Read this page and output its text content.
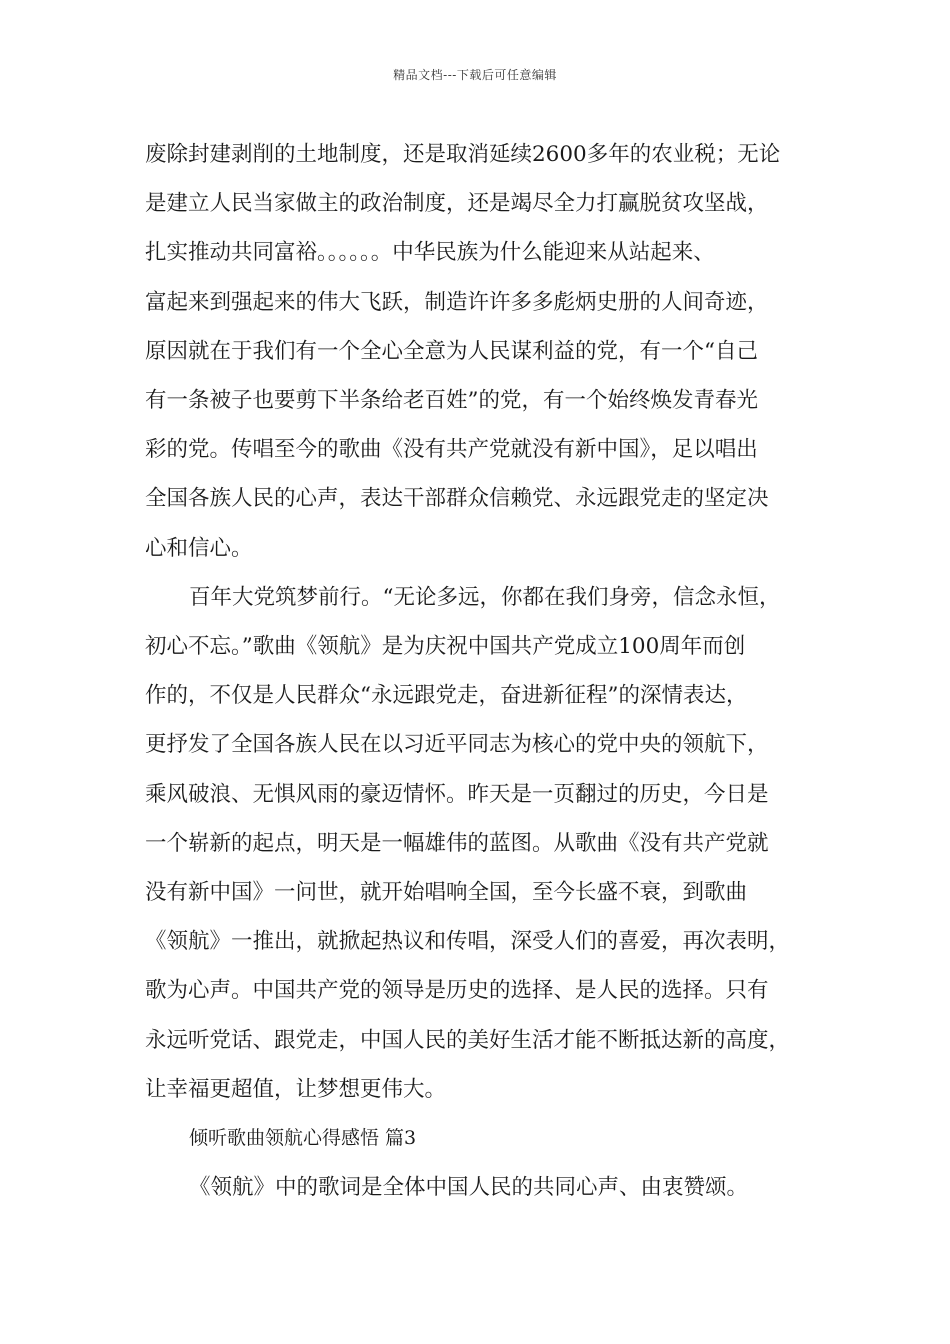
精品文档---下载后可任意编辑

废除封建剥削的土地制度，还是取消延续2600多年的农业税；无论
是建立人民当家做主的政治制度，还是竭尽全力打赢脱贫攻坚战，
扎实推动共同富裕。。。。。。中华民族为什么能迎来从站起来、
富起来到强起来的伟大飞跃，制造许许多多彪炳史册的人间奇迹，
原因就在于我们有一个全心全意为人民谋利益的党，有一个“自己
有一条被子也要剪下半条给老百姓”的党，有一个始终焕发青春光
彩的党。传唱至今的歌曲《没有共产党就没有新中国》，足以唱出
全国各族人民的心声，表达干部群众信赖党、永远跟党走的坚定决
心和信心。

百年大党筑梦前行。“无论多远，你都在我们身旁，信念永恒，
初心不忘。”歌曲《领航》是为庆祝中国共产党成立100周年而创
作的，不仅是人民群众“永远跟党走，奋进新征程”的深情表达，
更抒发了全国各族人民在以习近平同志为核心的党中央的领航下，
乘风破浪、无惧风雨的豪迈情怀。昨天是一页翻过的历史，今日是
一个崭新的起点，明天是一幅雄伟的蓝图。从歌曲《没有共产党就
没有新中国》一问世，就开始唱响全国，至今长盛不衰，到歌曲
《领航》一推出，就掀起热议和传唱，深受人们的喜爱，再次表明，
歌为心声。中国共产党的领导是历史的选择、是人民的选择。只有
永远听党话、跟党走，中国人民的美好生活才能不断抵达新的高度，
让幸福更超值，让梦想更伟大。

倾听歌曲领航心得感悟 篇3

《领航》中的歌词是全体中国人民的共同心声、由衷赞颂。
